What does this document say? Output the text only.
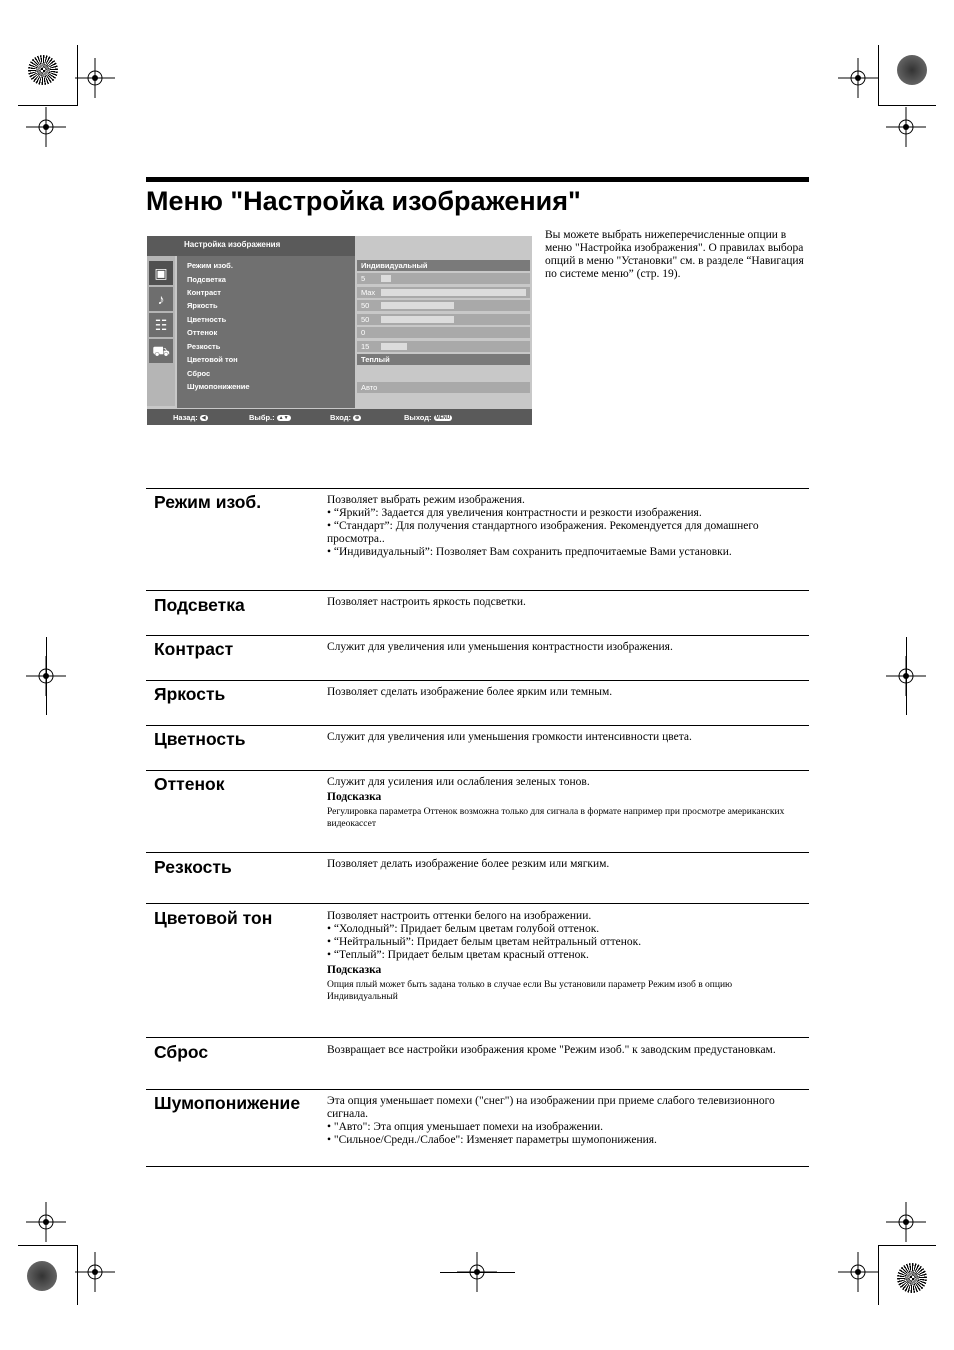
Меню "Настройка изображения"
Настройка изображения
▣
♪
☷
⛟
Режим изоб.
Подсветка
Контраст
Яркость
Цветность
Оттенок
Резкость
Цветовой тон
Сброс
Шумопонижение
Индивидуальный
5
Max
50
50
0
15
Теплый
Авто
Назад: ◀	Выбр.: ▲▼	Вход: ⊕	Выход: MENU

Вы можете выбрать нижеперечисленные опции в меню "Настройка изображения". О правилах выбора опций в меню "Установки" см. в разделе “Навигация по системе меню” (стр. 19).

Режим изоб.	Позволяет выбрать режим изображения.

• “Яркий”: Задается для увеличения контрастности и резкости изображения.

• “Стандарт”: Для получения стандартного изображения. Рекомендуется для домашнего просмотра..

• “Индивидуальный”: Позволяет Вам сохранить предпочитаемые Вами установки.

Подсветка	Позволяет настроить яркость подсветки.

Контраст	Служит для увеличения или уменьшения контрастности изображения.

Яркость	Позволяет сделать изображение более ярким или темным.

Цветность	Служит для увеличения или уменьшения громкости интенсивности цвета.

Оттенок	Служит для усиления или ослабления зеленых тонов.

Подсказка

Регулировка параметра Оттенок возможна только для сигнала в формате например при просмотре американских видеокассет

Резкость	Позволяет делать изображение более резким или мягким.

Цветовой тон	Позволяет настроить оттенки белого на изображении.

• “Холодный”: Придает белым цветам голубой оттенок.

• “Нейтральный”: Придает белым цветам нейтральный оттенок.

• “Теплый”: Придает белым цветам красный оттенок.

Подсказка

Опция плый может быть задана только в случае если Вы установили параметр Режим изоб в опцию Индивидуальный

Сброс	Возвращает все настройки изображения кроме "Режим изоб." к заводским предустановкам.

Шумопонижение Эта опция уменьшает помехи ("снег") на изображении при приеме слабого телевизионного сигнала.

• "Авто": Эта опция уменьшает помехи на изображении.

• "Сильное/Средн./Слабое": Изменяет параметры шумопонижения.
